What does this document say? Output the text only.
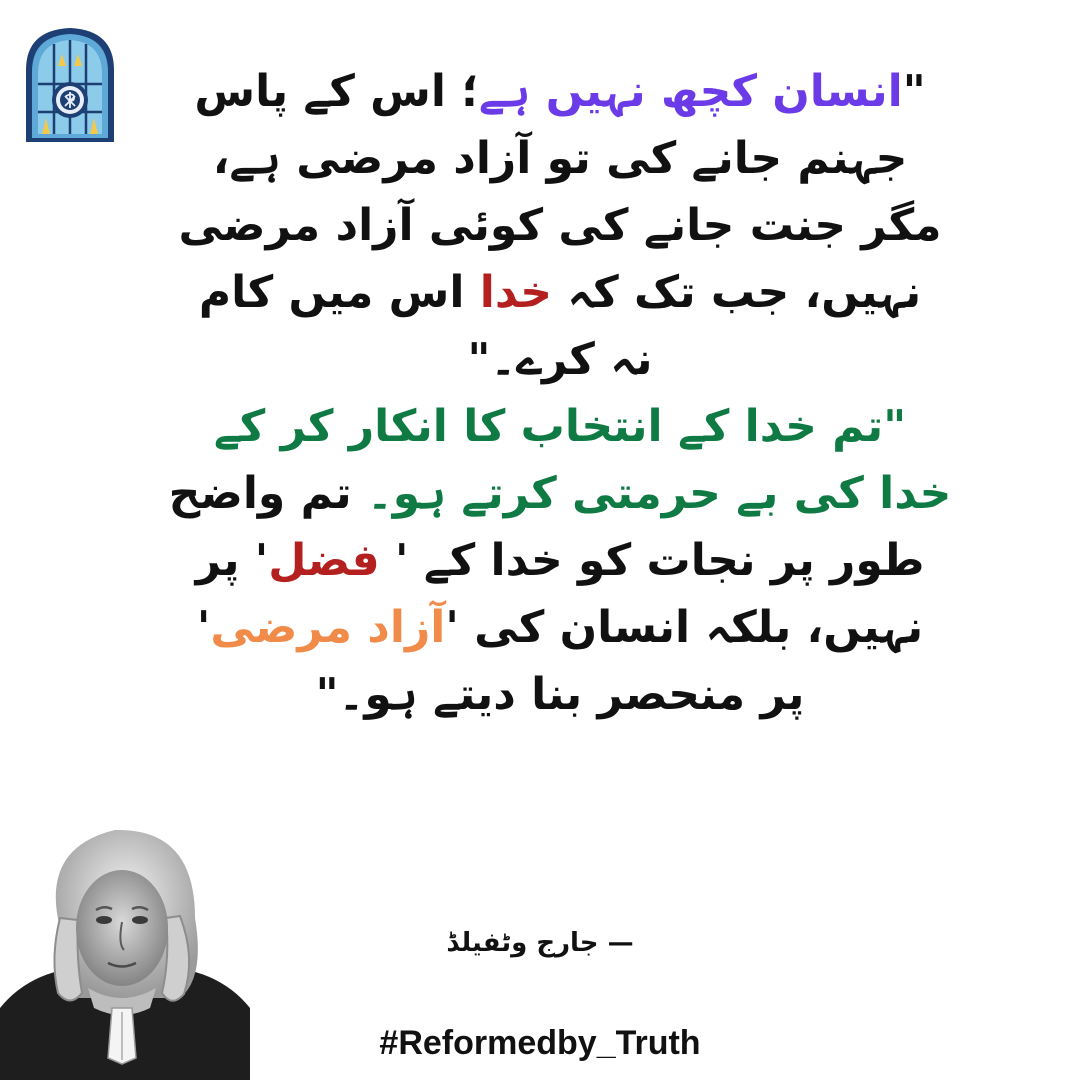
"انسان کچھ نہیں ہے؛ اس کے پاس
جہنم جانے کی تو آزاد مرضی ہے،
مگر جنت جانے کی کوئی آزاد مرضی
نہیں، جب تک کہ خدا اس میں کام
نہ کرے۔"
"تم خدا کے انتخاب کا انکار کر کے
خدا کی بے حرمتی کرتے ہو۔ تم واضح
طور پر نجات کو خدا کے ' فضل' پر
نہیں، بلکہ انسان کی 'آزاد مرضی'
پر منحصر بنا دیتے ہو۔"
— جارج وٹفیلڈ
#Reformedby_Truth
